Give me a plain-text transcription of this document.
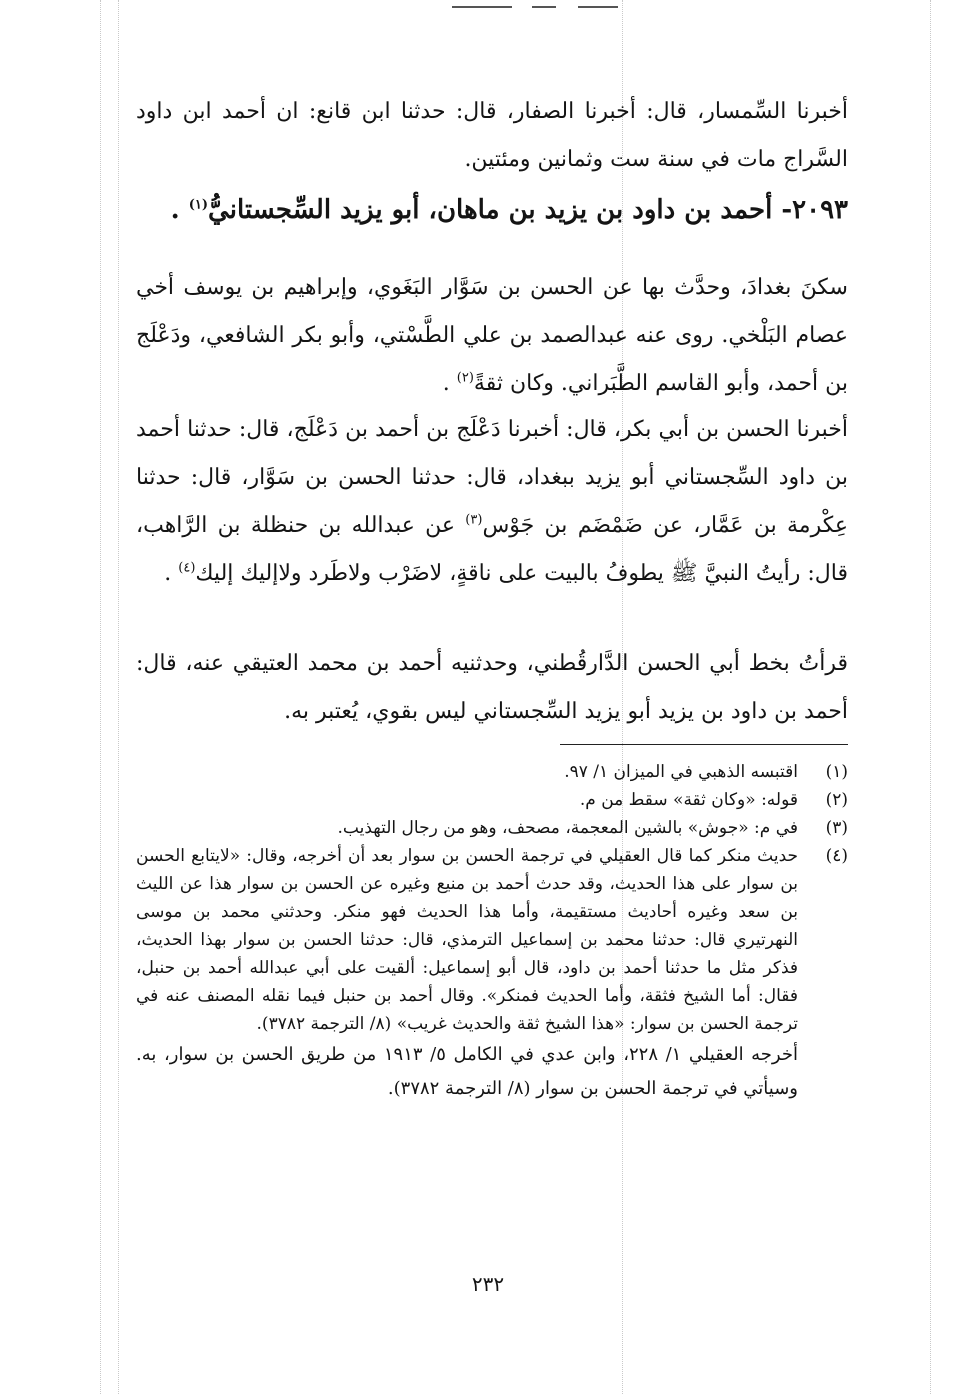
أخبرنا السِّمسار، قال: أخبرنا الصفار، قال: حدثنا ابن قانع: ان أحمد ابن داود السَّراج مات في سنة ست وثمانين ومئتين.
٢٠٩٣- أحمد بن داود بن يزيد بن ماهان، أبو يزيد السِّجستانيُّ$^{(١)}$ .
سكنَ بغدادَ، وحدَّث بها عن الحسن بن سَوَّار البَغَوي، وإبراهيم بن يوسف أخي عصام البَلْخي. روى عنه عبدالصمد بن علي الطَّسْتي، وأبو بكر الشافعي، ودَعْلَج بن أحمد، وأبو القاسم الطَّبَراني. وكان ثقةً$^{(٢)}$ .
أخبرنا الحسن بن أبي بكر، قال: أخبرنا دَعْلَج بن أحمد بن دَعْلَج، قال: حدثنا أحمد بن داود السِّجستاني أبو يزيد ببغداد، قال: حدثنا الحسن بن سَوَّار، قال: حدثنا عِكْرمة بن عَمَّار، عن ضَمْضَم بن جَوْس$^{(٣)}$ عن عبدالله بن حنظلة بن الرَّاهب، قال: رأيتُ النبيَّ ﷺ يطوفُ بالبيت على ناقةٍ، لاضَرْب ولاطَرد ولاإليك إليك$^{(٤)}$ .
قرأتُ بخط أبي الحسن الدَّارقُطني، وحدثنيه أحمد بن محمد العتيقي عنه، قال: أحمد بن داود بن يزيد أبو يزيد السِّجستاني ليس بقوي، يُعتبر به.
(١)

اقتبسه الذهبي في الميزان ١/ ٩٧.

(٢)

قوله: «وكان ثقة» سقط من م.

(٣)

في م: «جوش» بالشين المعجمة، مصحف، وهو من رجال التهذيب.

(٤)

حديث منكر كما قال العقيلي في ترجمة الحسن بن سوار بعد أن أخرجه، وقال: «لايتابع الحسن بن سوار على هذا الحديث، وقد حدث أحمد بن منيع وغيره عن الحسن بن سوار هذا عن الليث بن سعد وغيره أحاديث مستقيمة، وأما هذا الحديث فهو منكر. وحدثني محمد بن موسى النهرتيري قال: حدثنا محمد بن إسماعيل الترمذي، قال: حدثنا الحسن بن سوار بهذا الحديث، فذكر مثل ما حدثنا أحمد بن داود، قال أبو إسماعيل: ألقيت على أبي عبدالله أحمد بن حنبل، فقال: أما الشيخ فثقة، وأما الحديث فمنكر». وقال أحمد بن حنبل فيما نقله المصنف عنه في ترجمة الحسن بن سوار: «هذا الشيخ ثقة والحديث غريب» (٨/ الترجمة ٣٧٨٢).

أخرجه العقيلي ١/ ٢٢٨، وابن عدي في الكامل ٥/ ١٩١٣ من طريق الحسن بن سوار، به. وسيأتي في ترجمة الحسن بن سوار (٨/ الترجمة ٣٧٨٢).

٢٣٢
